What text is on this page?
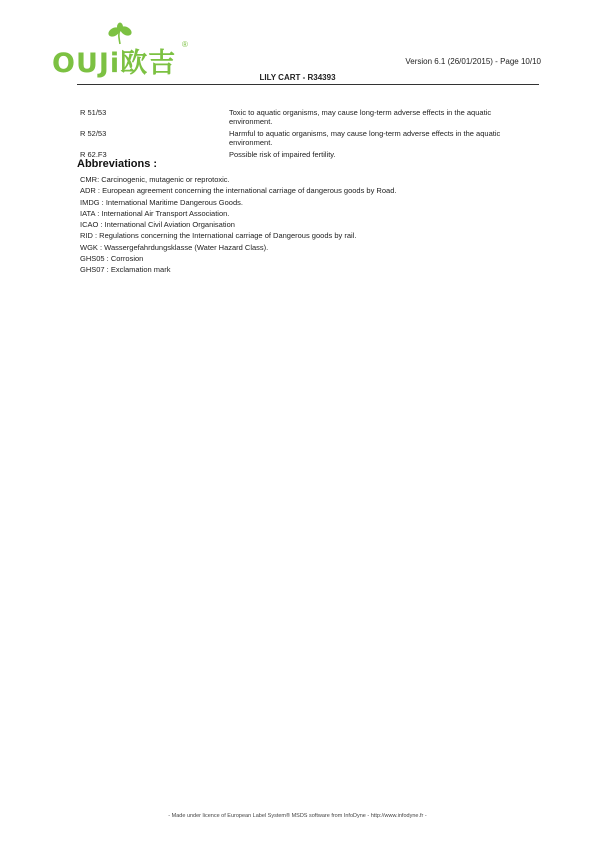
OUJi欧吉
®
Version 6.1 (26/01/2015) - Page 10/10
LILY CART - R34393
R 51/53	Toxic to aquatic organisms, may cause long-term adverse effects in the aquatic environment.
R 52/53	Harmful to aquatic organisms, may cause long-term adverse effects in the aquatic environment.
R 62.F3	Possible risk of impaired fertility.
Abbreviations :
CMR: Carcinogenic, mutagenic or reprotoxic.
ADR : European agreement concerning the international carriage of dangerous goods by Road.
IMDG : International Maritime Dangerous Goods.
IATA : International Air Transport Association.
ICAO : International Civil Aviation Organisation
RID : Regulations concerning the International carriage of Dangerous goods by rail.
WGK : Wassergefahrdungsklasse (Water Hazard Class).
GHS05 : Corrosion
GHS07 : Exclamation mark
- Made under licence of European Label System® MSDS software from InfoDyne - http://www.infodyne.fr -
